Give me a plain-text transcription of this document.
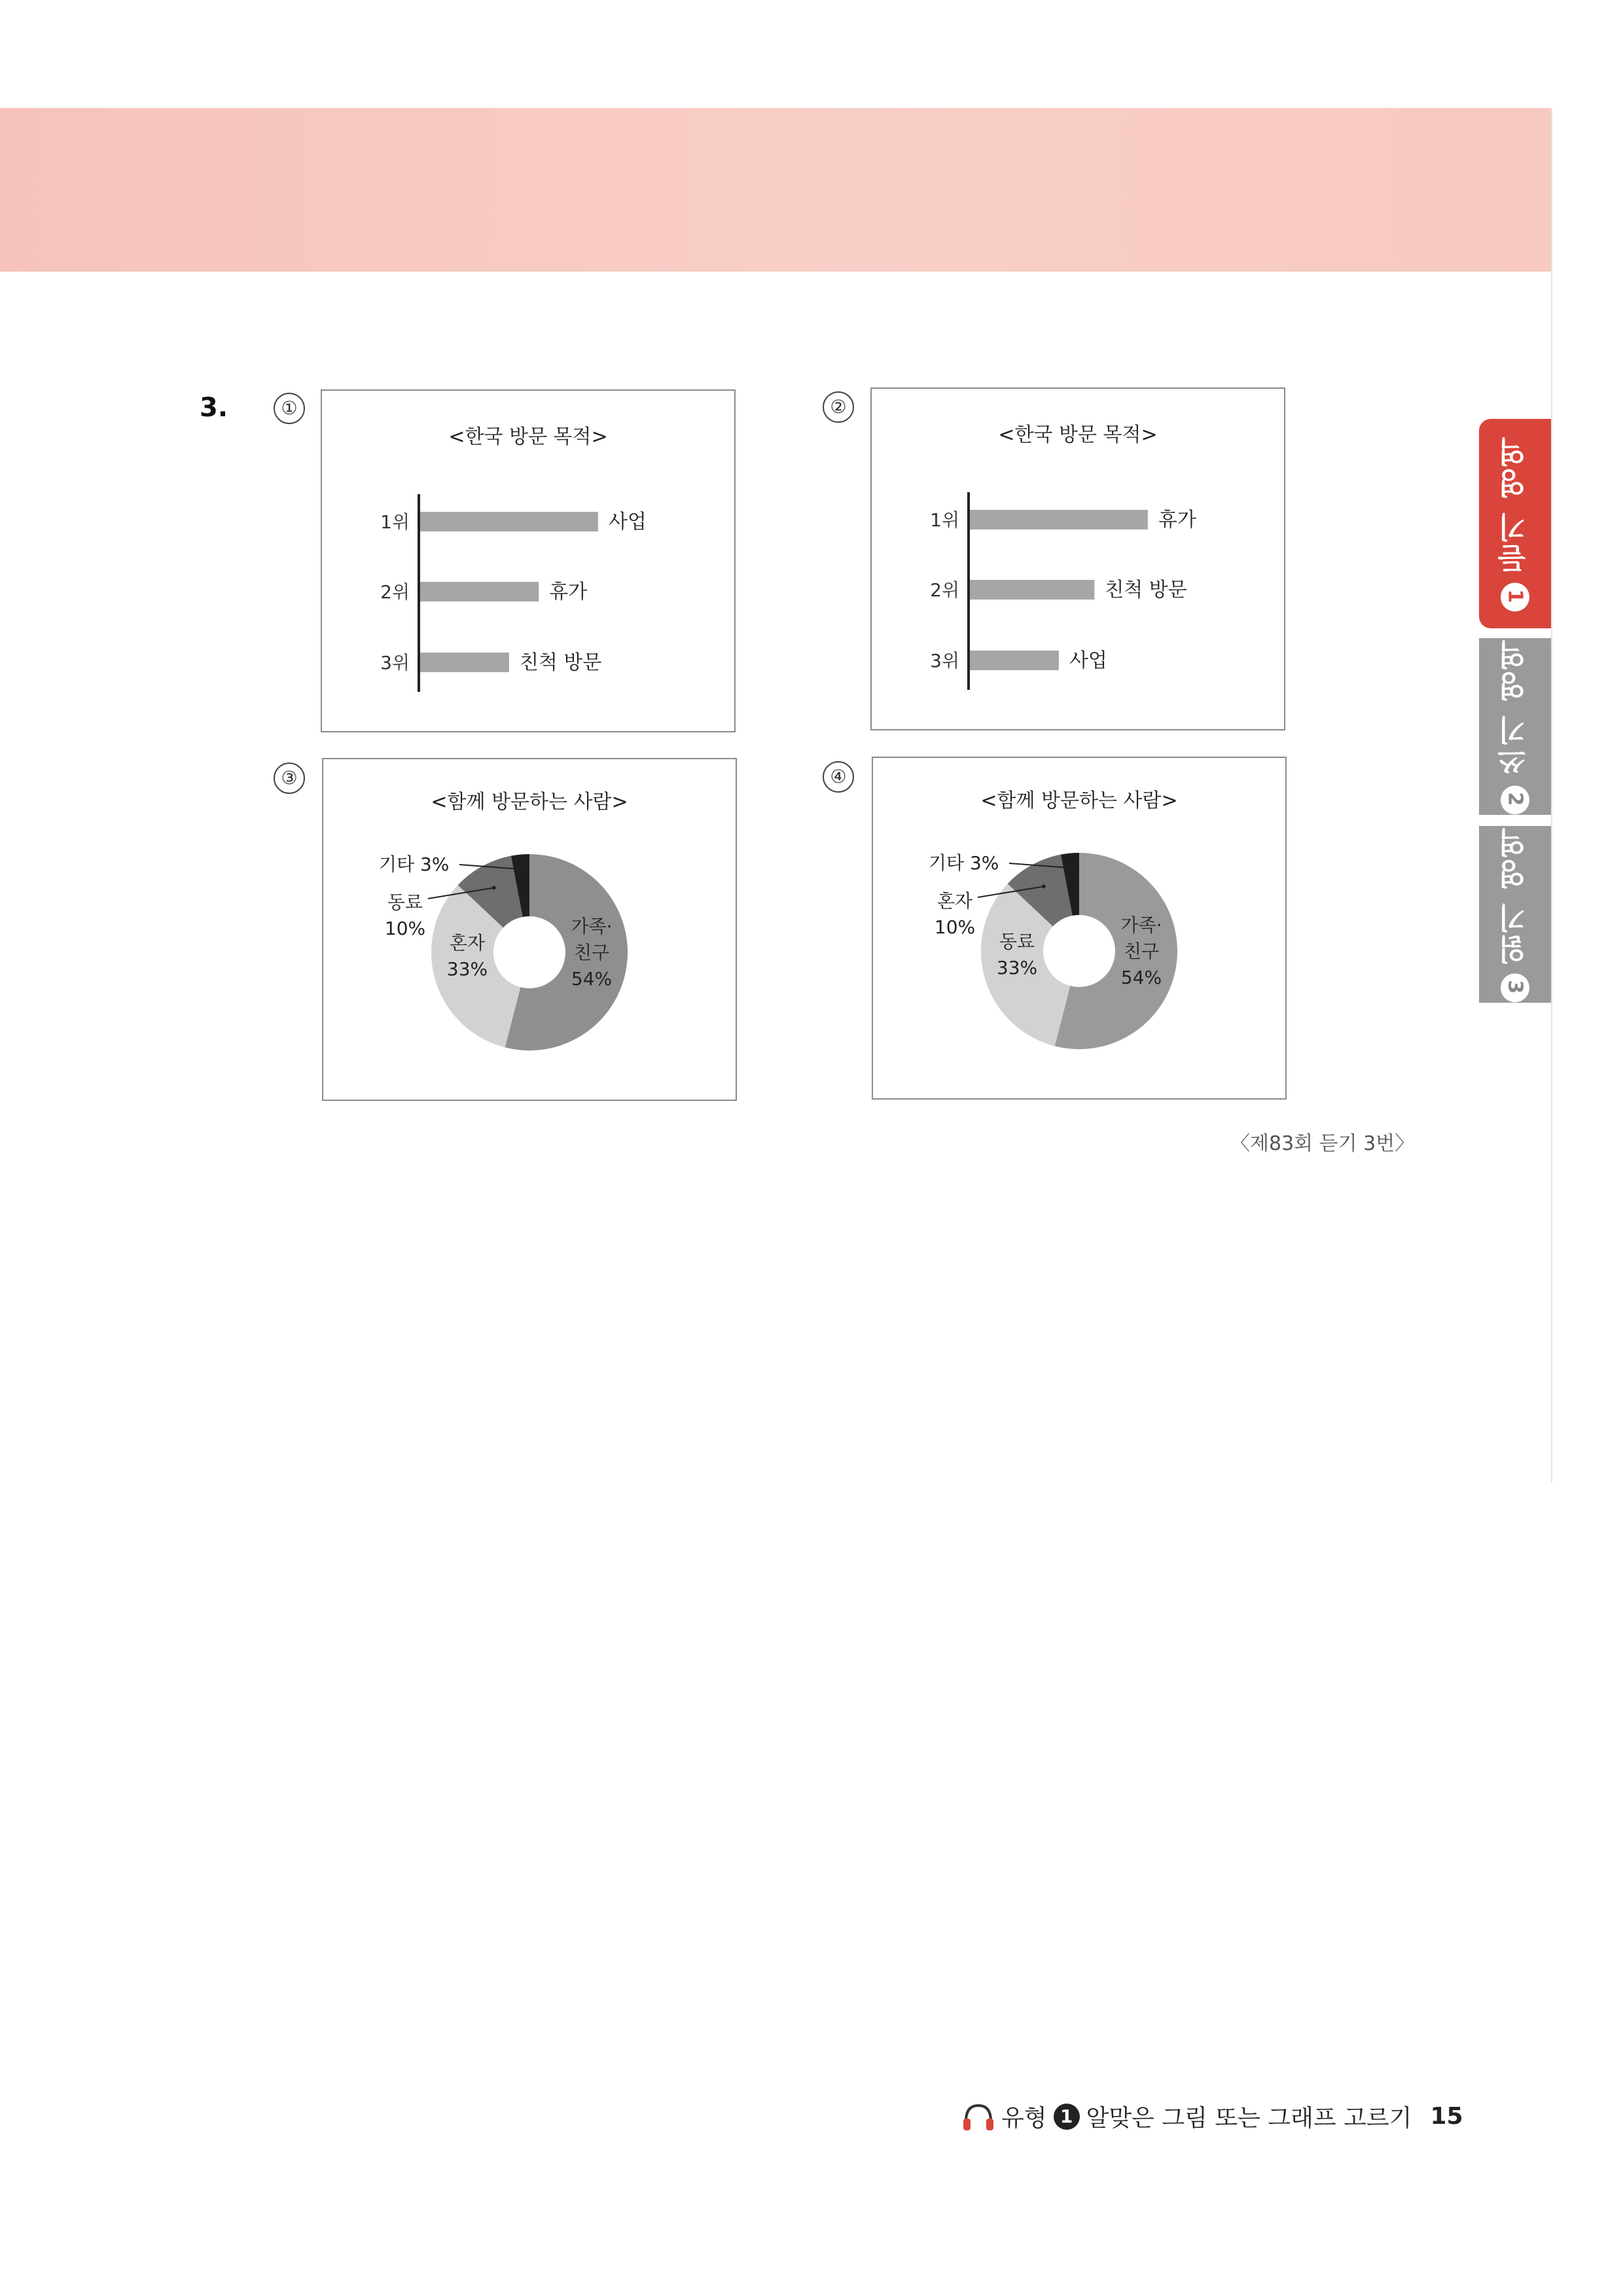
3.	①	②
③	④
<한국 방문 목적>
1위	사업
2위	휴가
3위	친척 방문
<한국 방문 목적>
1위	휴가
2위	친척 방문
3위	사업
<함께 방문하는 사람>
가족·
친구
54%
혼자
33%
동료
10%
기타 3%
<함께 방문하는 사람>
가족·
친구
54%
동료
33%
혼자
10%
기타 3%
〈제83회 듣기 3번〉
1
듣기 영역
2
쓰기 영역
3
읽기 영역
유형 1 알맞은 그림 또는 그래프 고르기 15
